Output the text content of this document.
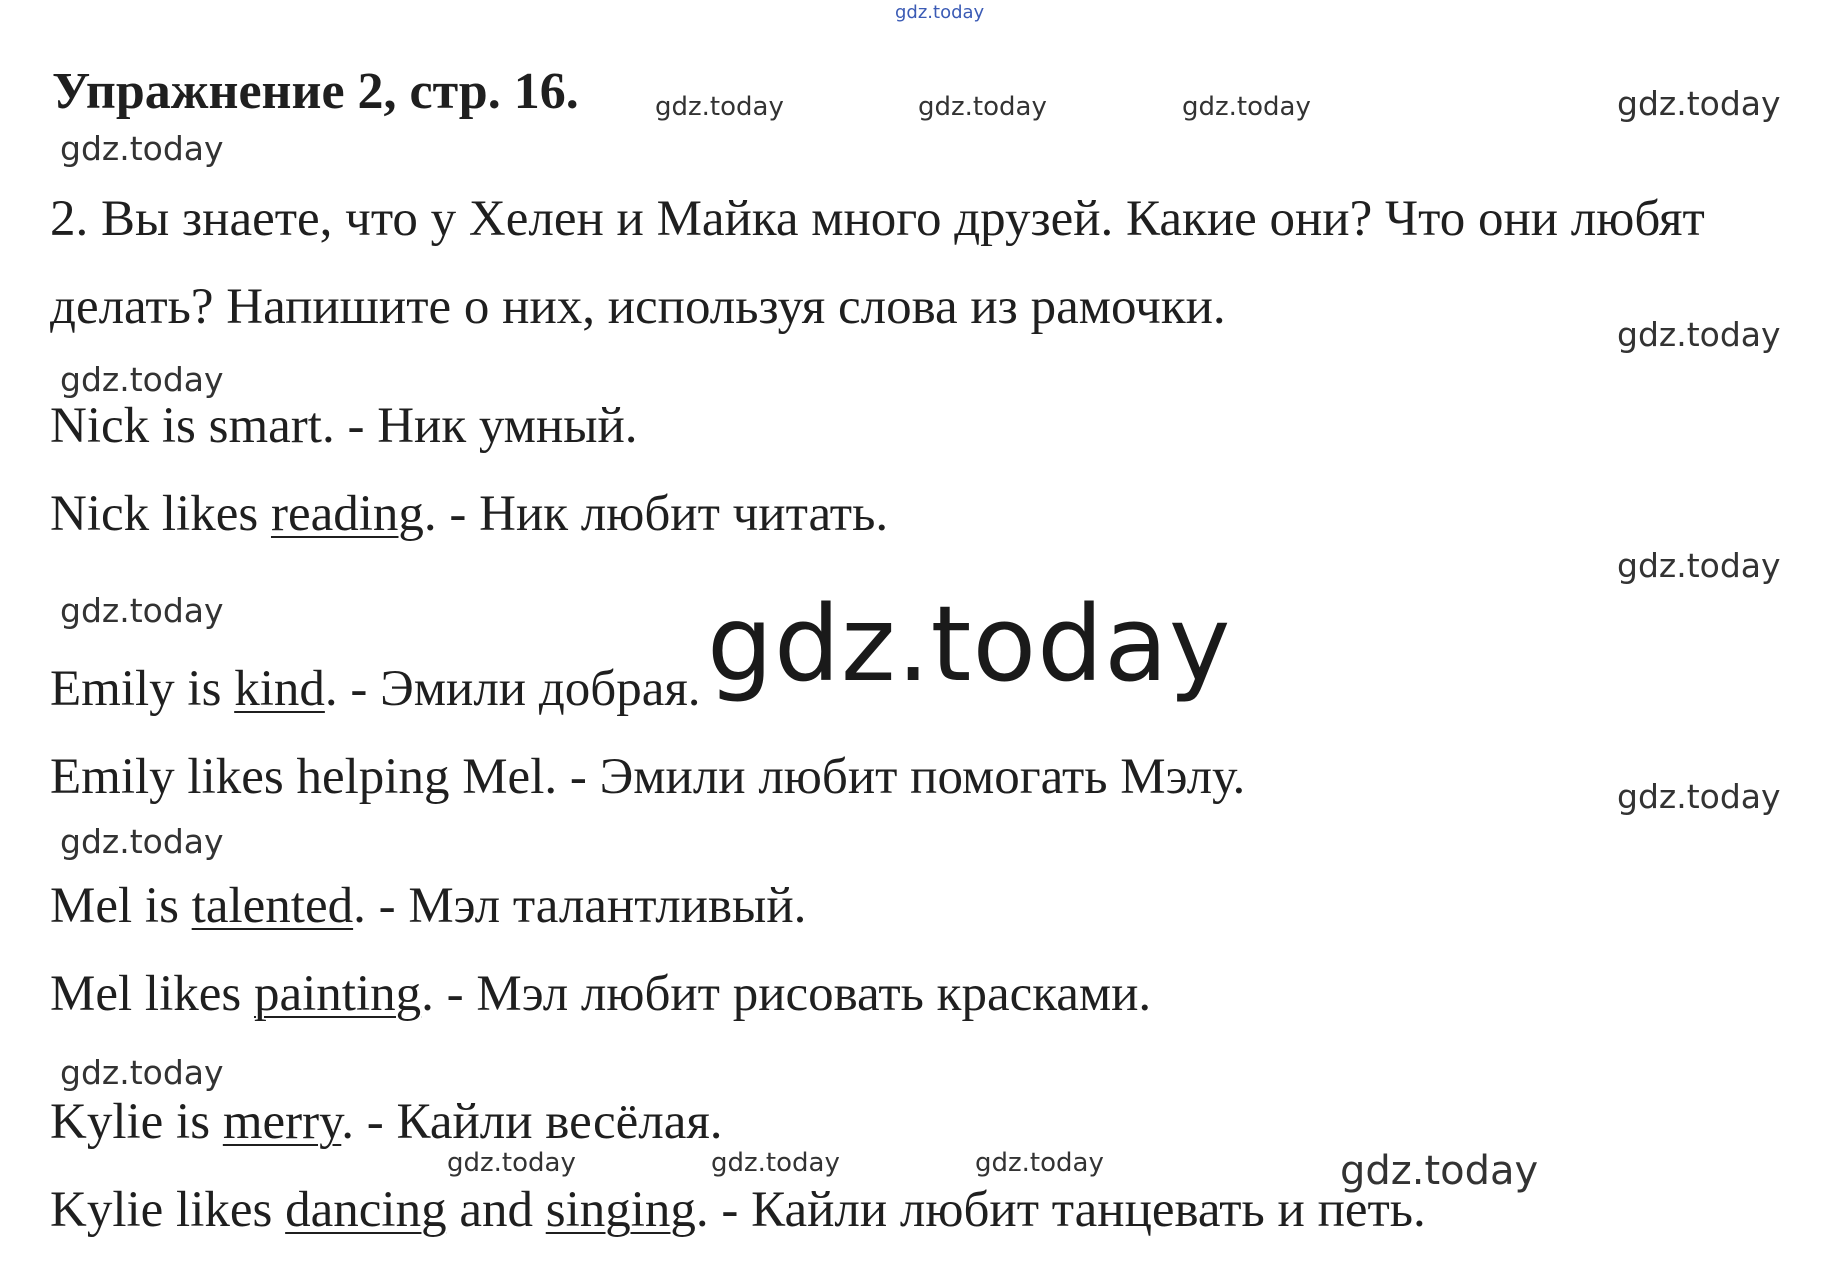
gdz.today
gdz.today	gdz.today	gdz.today	gdz.today
gdz.today
gdz.today
gdz.today
gdz.today
gdz.today	gdz.today
gdz.today
gdz.today
gdz.today
gdz.today	gdz.today	gdz.today	gdz.today
Упражнение 2, стр. 16.

2. Вы знаете, что у Хелен и Майка много друзей. Какие они? Что они любят делать? Напишите о них, используя слова из рамочки.

Nick is smart. - Ник умный.

Nick likes reading. - Ник любит читать.

Emily is kind. - Эмили добрая.

Emily likes helping Mel. - Эмили любит помогать Мэлу.

Mel is talented. - Мэл талантливый.

Mel likes painting. - Мэл любит рисовать красками.

Kylie is merry. - Кайли весёлая.

Kylie likes dancing and singing. - Кайли любит танцевать и петь.
